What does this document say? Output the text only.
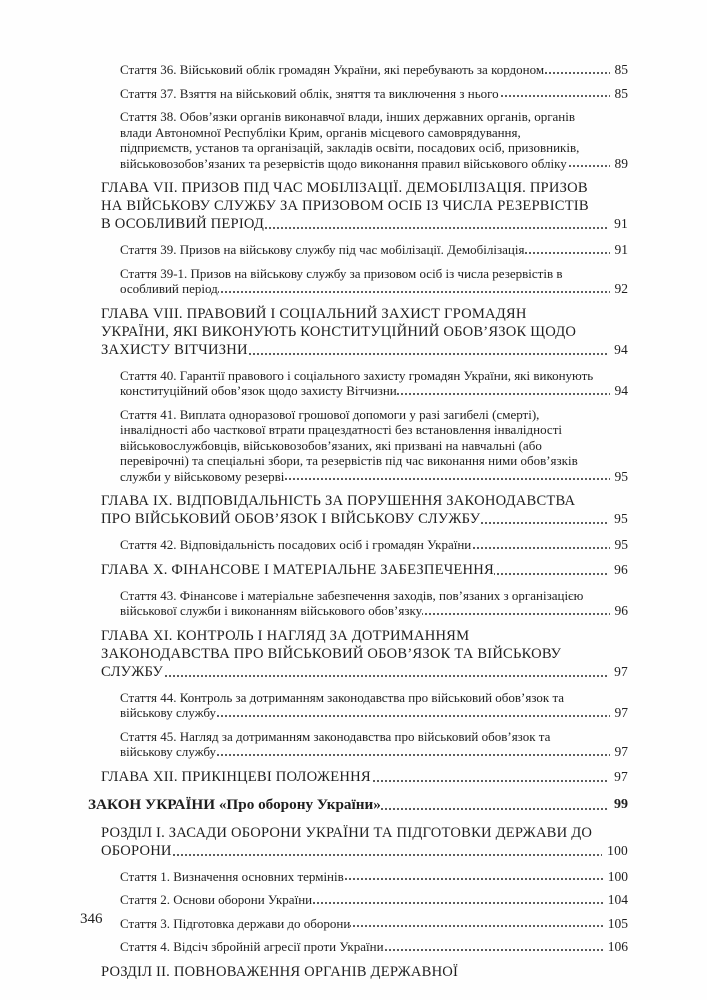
Стаття 36. Військовий облік громадян України, які перебувають за кордоном	85
Стаття 37. Взяття на військовий облік, зняття та виключення з нього	85
Стаття 38. Обов’язки органів виконавчої влади, інших державних органів, органів влади Автономної Республіки Крим, органів місцевого самоврядування, підприємств, установ та організацій, закладів освіти, посадових осіб, призовників, військовозобов’язаних та резервістів щодо виконання правил військового обліку	89
ГЛАВА VII. ПРИЗОВ ПІД ЧАС МОБІЛІЗАЦІЇ. ДЕМОБІЛІЗАЦІЯ. ПРИЗОВ НА ВІЙСЬКОВУ СЛУЖБУ ЗА ПРИЗОВОМ ОСІБ ІЗ ЧИСЛА РЕЗЕРВІСТІВ В ОСОБЛИВИЙ ПЕРІОД	91
Стаття 39. Призов на військову службу під час мобілізації. Демобілізація	91
Стаття 39-1. Призов на військову службу за призовом осіб із числа резервістів в особливий період	92
ГЛАВА VIII. ПРАВОВИЙ І СОЦІАЛЬНИЙ ЗАХИСТ ГРОМАДЯН УКРАЇНИ, ЯКІ ВИКОНУЮТЬ КОНСТИТУЦІЙНИЙ ОБОВ’ЯЗОК ЩОДО ЗАХИСТУ ВІТЧИЗНИ	94
Стаття 40. Гарантії правового і соціального захисту громадян України, які виконують конституційний обов’язок щодо захисту Вітчизни	94
Стаття 41. Виплата одноразової грошової допомоги у разі загибелі (смерті), інвалідності або часткової втрати працездатності без встановлення інвалідності військовослужбовців, військовозобов’язаних, які призвані на навчальні (або перевірочні) та спеціальні збори, та резервістів під час виконання ними обов’язків служби у військовому резерві	95
ГЛАВА IX. ВІДПОВІДАЛЬНІСТЬ ЗА ПОРУШЕННЯ ЗАКОНОДАВСТВА ПРО ВІЙСЬКОВИЙ ОБОВ’ЯЗОК І ВІЙСЬКОВУ СЛУЖБУ	95
Стаття 42. Відповідальність посадових осіб і громадян України	95
ГЛАВА X. ФІНАНСОВЕ І МАТЕРІАЛЬНЕ ЗАБЕЗПЕЧЕННЯ	96
Стаття 43. Фінансове і матеріальне забезпечення заходів, пов’язаних з організацією військової служби і виконанням військового обов’язку	96
ГЛАВА XI. КОНТРОЛЬ І НАГЛЯД ЗА ДОТРИМАННЯМ ЗАКОНОДАВСТВА ПРО ВІЙСЬКОВИЙ ОБОВ’ЯЗОК ТА ВІЙСЬКОВУ СЛУЖБУ	97
Стаття 44. Контроль за дотриманням законодавства про військовий обов’язок та військову службу	97
Стаття 45. Нагляд за дотриманням законодавства про військовий обов’язок та військову службу	97
ГЛАВА XII. ПРИКІНЦЕВІ ПОЛОЖЕННЯ	97
ЗАКОН УКРАЇНИ «Про оборону України»	99
РОЗДІЛ I. ЗАСАДИ ОБОРОНИ УКРАЇНИ ТА ПІДГОТОВКИ ДЕРЖАВИ ДО ОБОРОНИ	100
Стаття 1. Визначення основних термінів	100
Стаття 2. Основи оборони України	104
Стаття 3. Підготовка держави до оборони	105
Стаття 4. Відсіч збройній агресії проти України	106
РОЗДІЛ II. ПОВНОВАЖЕННЯ ОРГАНІВ ДЕРЖАВНОЇ
346
